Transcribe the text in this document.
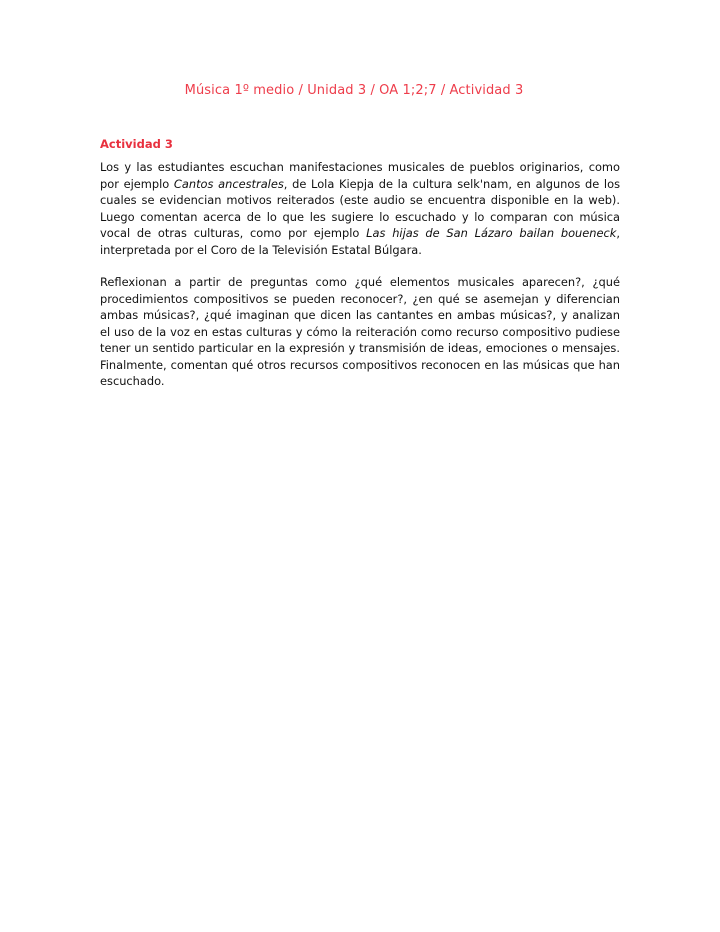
Música 1º medio / Unidad 3 / OA 1;2;7 / Actividad 3
Actividad 3
Los y las estudiantes escuchan manifestaciones musicales de pueblos originarios, como por ejemplo Cantos ancestrales, de Lola Kiepja de la cultura selk'nam, en algunos de los cuales se evidencian motivos reiterados (este audio se encuentra disponible en la web). Luego comentan acerca de lo que les sugiere lo escuchado y lo comparan con música vocal de otras culturas, como por ejemplo Las hijas de San Lázaro bailan boueneck, interpretada por el Coro de la Televisión Estatal Búlgara.
Reflexionan a partir de preguntas como ¿qué elementos musicales aparecen?, ¿qué procedimientos compositivos se pueden reconocer?, ¿en qué se asemejan y diferencian ambas músicas?, ¿qué imaginan que dicen las cantantes en ambas músicas?, y analizan el uso de la voz en estas culturas y cómo la reiteración como recurso compositivo pudiese tener un sentido particular en la expresión y transmisión de ideas, emociones o mensajes. Finalmente, comentan qué otros recursos compositivos reconocen en las músicas que han escuchado.
